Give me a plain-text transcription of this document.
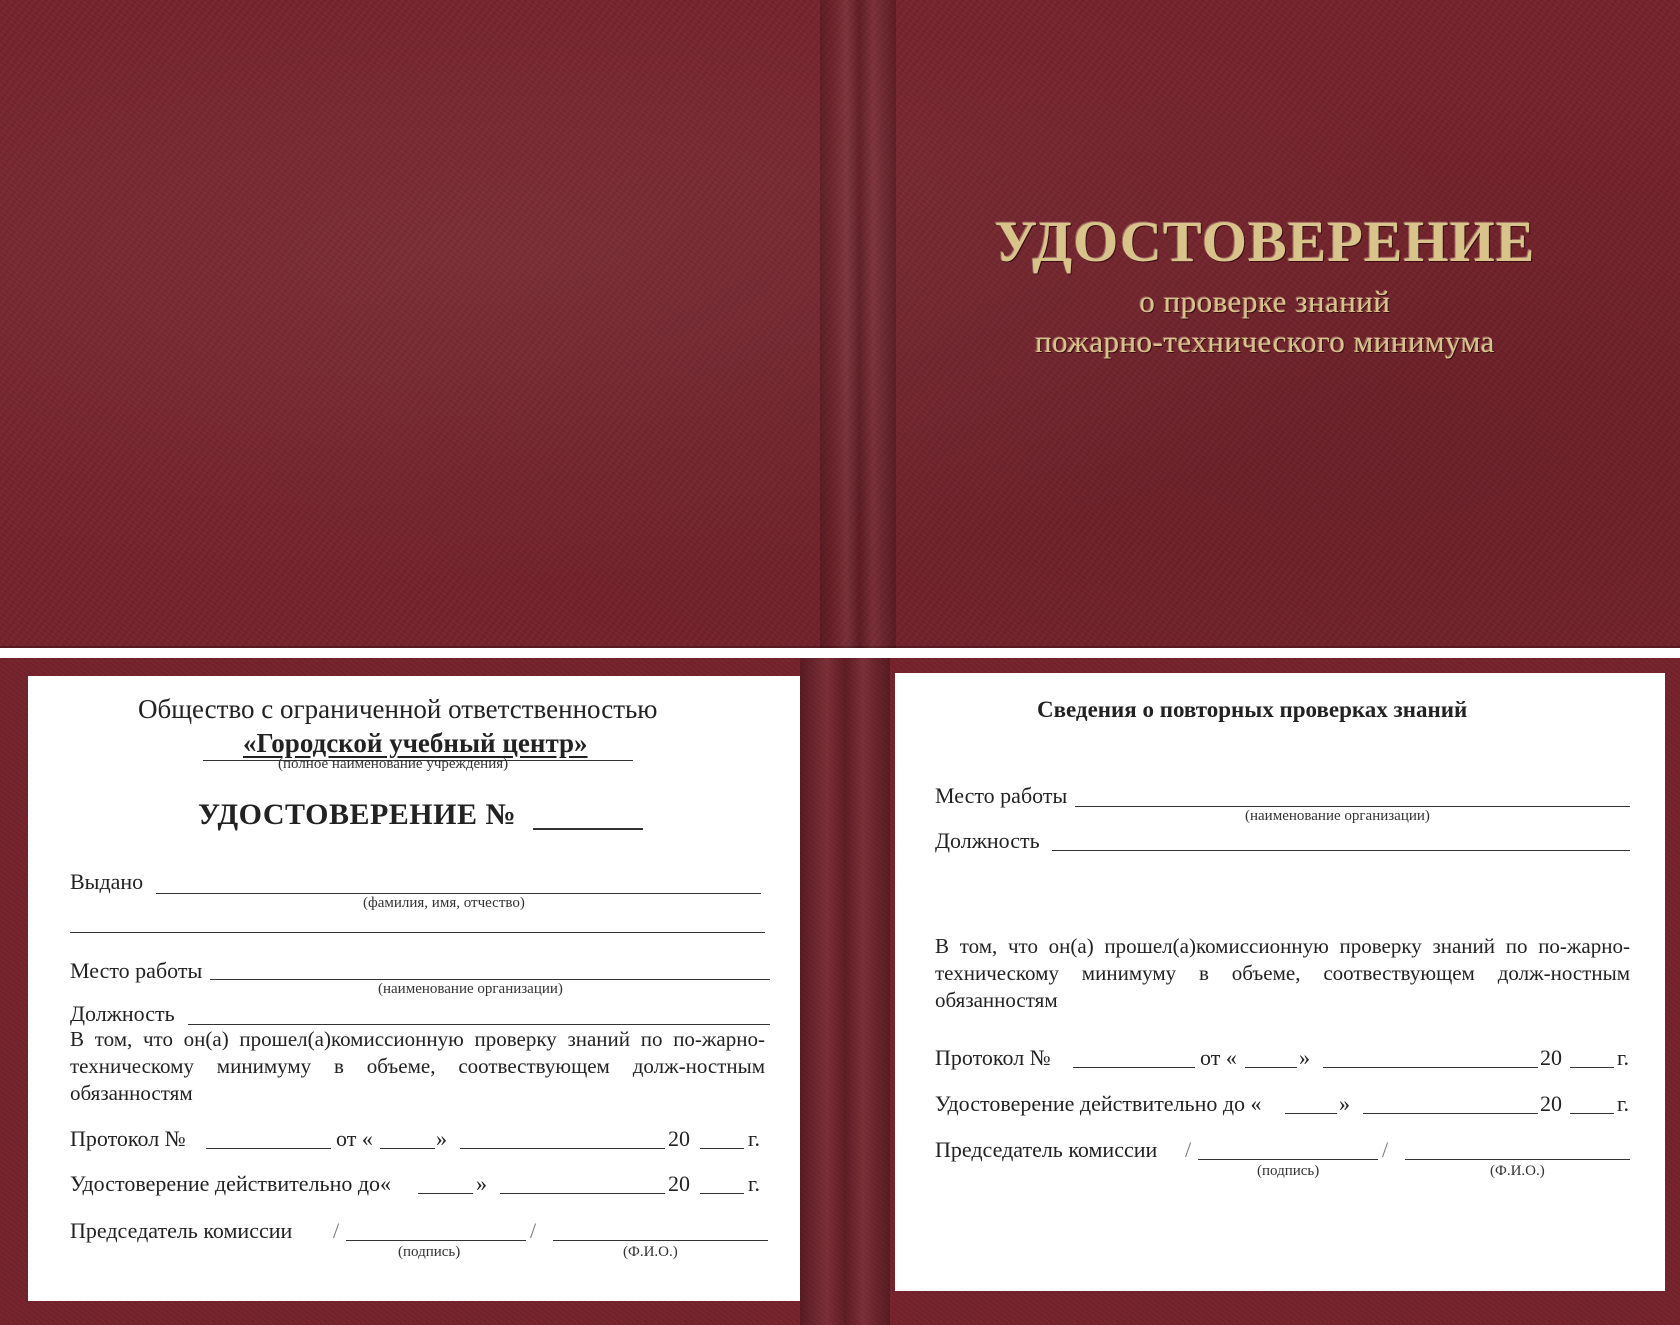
УДОСТОВЕРЕНИЕ
о проверке знаний
пожарно-технического минимума
Общество с ограниченной ответственностью
«Городской учебный центр»
(полное наименование учреждения)
УДОСТОВЕРЕНИЕ №
Выдано
(фамилия, имя, отчество)
Место работы
(наименование организации)
Должность
В том, что он(а) прошел(а)комиссионную проверку знаний по по-жарно-техническому минимуму в объеме, соотвествующем долж-ностным обязанностям
Протокол №	от «	»	20	г.
Удостоверение действительно до«	»	20	г.
Председатель комиссии /	/
(подпись)	(Ф.И.О.)
Сведения о повторных проверках знаний
Место работы
(наименование организации)
Должность
В том, что он(а) прошел(а)комиссионную проверку знаний по по-жарно-техническому минимуму в объеме, соотвествующем долж-ностным обязанностям
Протокол №	от «	»	20	г.
Удостоверение действительно до «	»	20	г.
Председатель комиссии /	/
(подпись)	(Ф.И.О.)
